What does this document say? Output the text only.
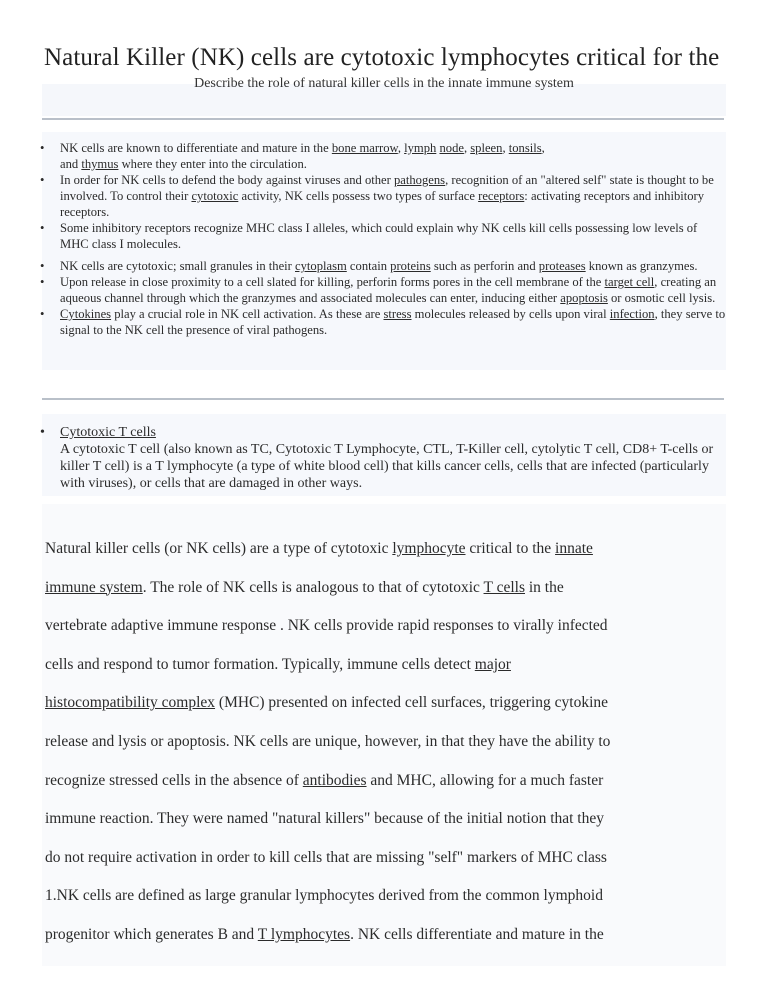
Natural Killer (NK) cells are cytotoxic lymphocytes critical for the
Describe the role of natural killer cells in the innate immune system
•	NK cells are known to differentiate and mature in the bone marrow, lymph node, spleen, tonsils,
and thymus where they enter into the circulation.
•	In order for NK cells to defend the body against viruses and other pathogens, recognition of an "altered self" state is thought to be involved. To control their cytotoxic activity, NK cells possess two types of surface receptors: activating receptors and inhibitory receptors.
•	Some inhibitory receptors recognize MHC class I alleles, which could explain why NK cells kill cells possessing low levels of MHC class I molecules.
•	NK cells are cytotoxic; small granules in their cytoplasm contain proteins such as perforin and proteases known as granzymes.
•	Upon release in close proximity to a cell slated for killing, perforin forms pores in the cell membrane of the target cell, creating an aqueous channel through which the granzymes and associated molecules can enter, inducing either apoptosis or osmotic cell lysis.
•	Cytokines play a crucial role in NK cell activation. As these are stress molecules released by cells upon viral infection, they serve to signal to the NK cell the presence of viral pathogens.
•	Cytotoxic T cells
A cytotoxic T cell (also known as TC, Cytotoxic T Lymphocyte, CTL, T-Killer cell, cytolytic T cell, CD8+ T-cells or killer T cell) is a T lymphocyte (a type of white blood cell) that kills cancer cells, cells that are infected (particularly with viruses), or cells that are damaged in other ways.
Natural killer cells (or NK cells) are a type of cytotoxic lymphocyte critical to the innate
immune system. The role of NK cells is analogous to that of cytotoxic T cells in the
vertebrate adaptive immune response . NK cells provide rapid responses to virally infected
cells and respond to tumor formation. Typically, immune cells detect major
histocompatibility complex (MHC) presented on infected cell surfaces, triggering cytokine
release and lysis or apoptosis. NK cells are unique, however, in that they have the ability to
recognize stressed cells in the absence of antibodies and MHC, allowing for a much faster
immune reaction. They were named "natural killers" because of the initial notion that they
do not require activation in order to kill cells that are missing "self" markers of MHC class
1.NK cells are defined as large granular lymphocytes derived from the common lymphoid
progenitor which generates B and T lymphocytes. NK cells differentiate and mature in the
